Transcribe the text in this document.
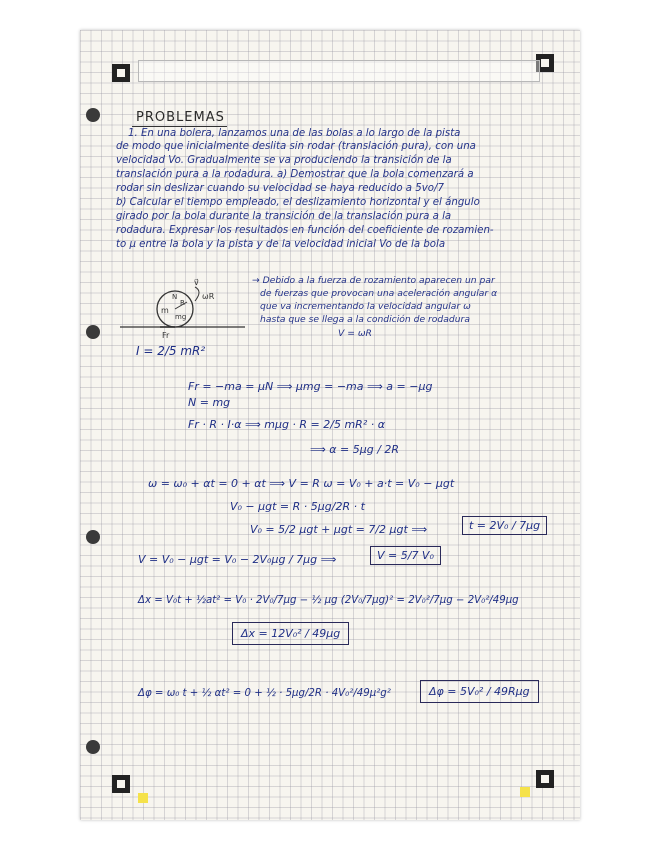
PROBLEMAS
1. En una bolera, lanzamos una de las bolas a lo largo de la pista
de modo que inicialmente deslita sin rodar (translación pura), con una
velocidad Vo. Gradualmente se va produciendo la transición de la
translación pura a la rodadura. a) Demostrar que la bola comenzará a
rodar sin deslizar cuando su velocidad se haya reducido a 5vo/7
b) Calcular el tiempo empleado, el deslizamiento horizontal y el ángulo
girado por la bola durante la transición de la translación pura a la
rodadura. Expresar los resultados en función del coeficiente de rozamien-
to μ entre la bola y la pista y de la velocidad inicial Vo de la bola
v⃗
ωR
N
R
m
mg
Fr
→ Debido a la fuerza de rozamiento aparecen un par
de fuerzas que provocan una aceleración angular α
que va incrementando la velocidad angular ω
hasta que se llega a la condición de rodadura
V = ωR
I = 2/5 mR²
Fr = −ma = μN ⟹ μmg = −ma ⟹ a = −μg
N = mg
Fr · R · I·α ⟹ mμg · R = 2/5 mR² · α
⟹ α = 5μg / 2R
ω = ω₀ + αt = 0 + αt ⟹ V = R ω = V₀ + a·t = V₀ − μgt
V₀ − μgt = R · 5μg/2R · t
V₀ = 5/2 μgt + μgt = 7/2 μgt ⟹	t = 2V₀ / 7μg
V = V₀ − μgt = V₀ − 2V₀μg / 7μg ⟹	V = 5/7 V₀
Δx = V₀t + ½at² = V₀ · 2V₀/7μg − ½ μg (2V₀/7μg)² = 2V₀²/7μg − 2V₀²/49μg
Δx = 12V₀² / 49μg
Δφ = ω₀ t + ½ αt² = 0 + ½ · 5μg/2R · 4V₀²/49μ²g²	Δφ = 5V₀² / 49Rμg
